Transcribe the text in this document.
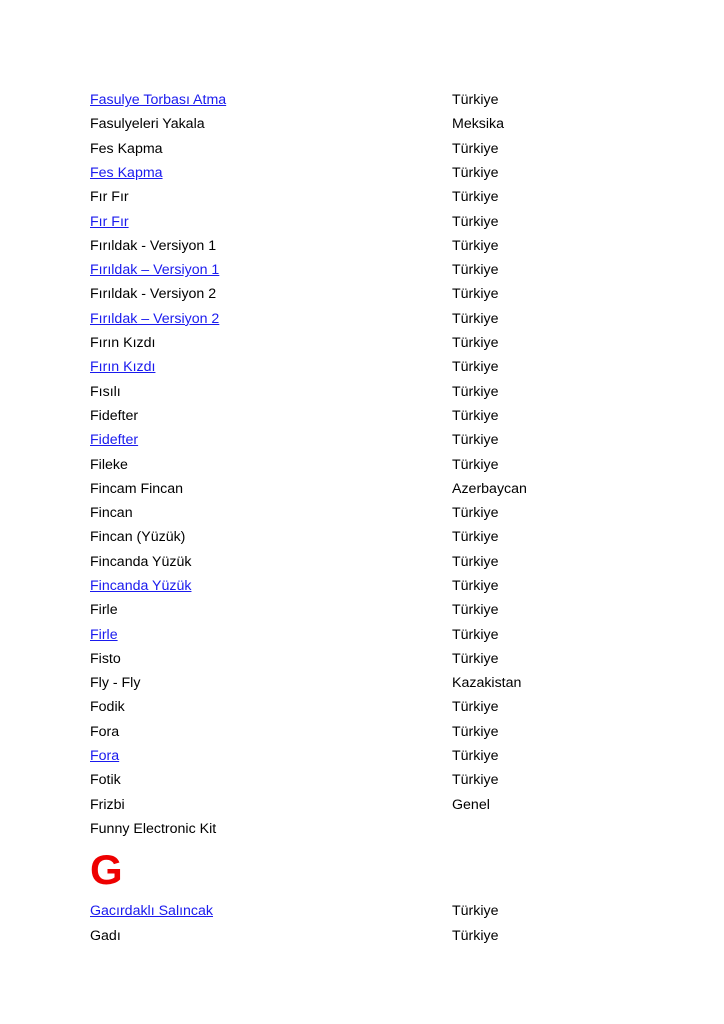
Fasulye Torbası Atma	Türkiye
Fasulyeleri Yakala	Meksika
Fes Kapma	Türkiye
Fes Kapma	Türkiye
Fır Fır	Türkiye
Fır Fır	Türkiye
Fırıldak - Versiyon 1	Türkiye
Fırıldak – Versiyon 1	Türkiye
Fırıldak - Versiyon 2	Türkiye
Fırıldak – Versiyon 2	Türkiye
Fırın Kızdı	Türkiye
Fırın Kızdı	Türkiye
Fısılı	Türkiye
Fidefter	Türkiye
Fidefter	Türkiye
Fileke	Türkiye
Fincam Fincan	Azerbaycan
Fincan	Türkiye
Fincan (Yüzük)	Türkiye
Fincanda Yüzük	Türkiye
Fincanda Yüzük	Türkiye
Firle	Türkiye
Firle	Türkiye
Fisto	Türkiye
Fly - Fly	Kazakistan
Fodik	Türkiye
Fora	Türkiye
Fora	Türkiye
Fotik	Türkiye
Frizbi	Genel
Funny Electronic Kit
G
Gacırdaklı Salıncak	Türkiye
Gadı	Türkiye
